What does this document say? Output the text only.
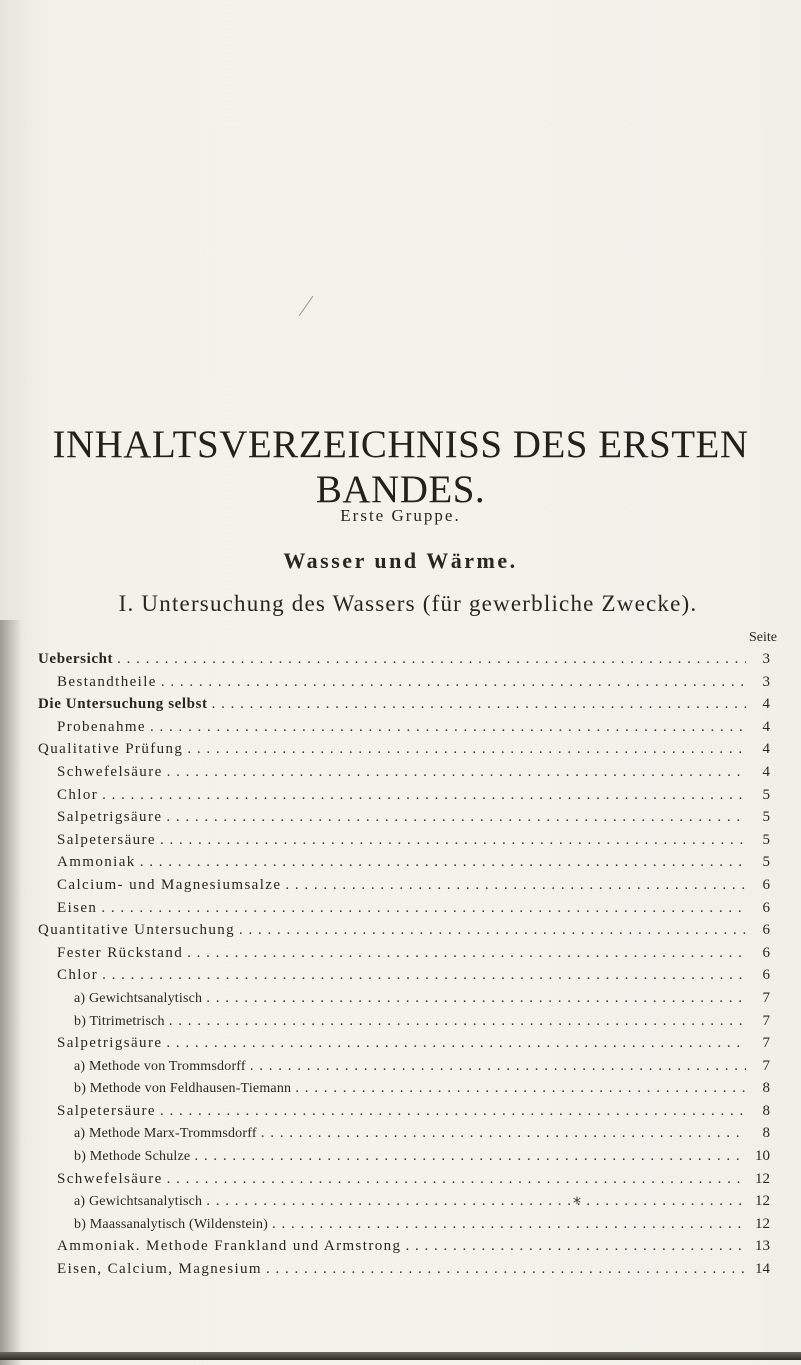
INHALTSVERZEICHNISS DES ERSTEN BANDES.
Erste Gruppe.
Wasser und Wärme.
I. Untersuchung des Wassers (für gewerbliche Zwecke).
Seite
Uebersicht . . .	3
Bestandtheile . . .	3
Die Untersuchung selbst . . .	4
Probenahme . . .	4
Qualitative Prüfung . . .	4
Schwefelsäure . . .	4
Chlor . . .	5
Salpetrigsäure . . .	5
Salpetersäure . . .	5
Ammoniak . . .	5
Calcium- und Magnesiumsalze . . .	6
Eisen . . .	6
Quantitative Untersuchung . . .	6
Fester Rückstand . . .	6
Chlor . . .	6
a) Gewichtsanalytisch . . .	7
b) Titrimetrisch . . .	7
Salpetrigsäure . . .	7
a) Methode von Trommsdorff . . .	7
b) Methode von Feldhausen-Tiemann . . .	8
Salpetersäure . . .	8
a) Methode Marx-Trommsdorff . . .	8
b) Methode Schulze . . .	10
Schwefelsäure . . .	12
a) Gewichtsanalytisch . . .	12
b) Maassanalytisch (Wildenstein) . . .	12
Ammoniak. Methode Frankland und Armstrong . . .	13
Eisen, Calcium, Magnesium . . .	14
*
